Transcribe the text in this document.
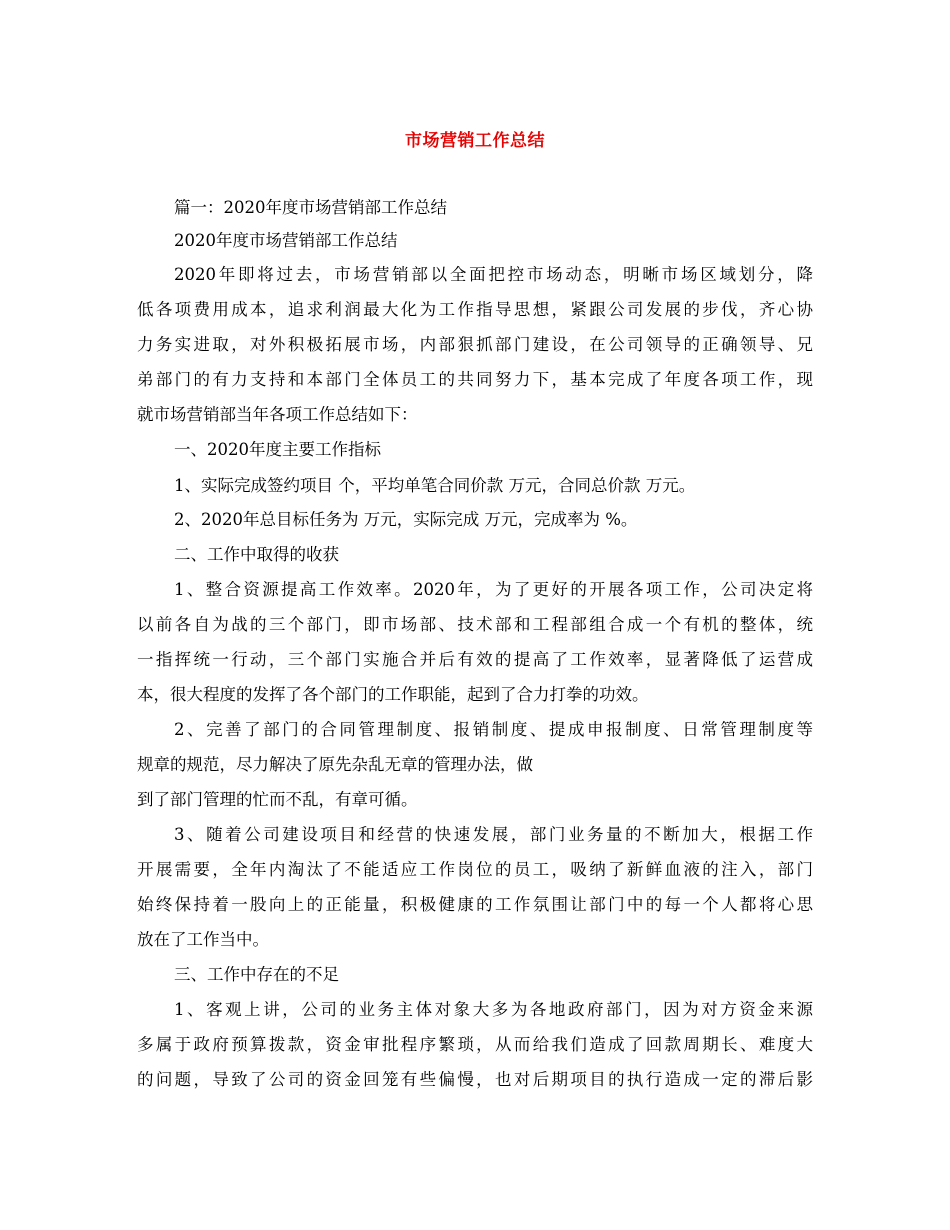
市场营销工作总结
篇一：2020年度市场营销部工作总结
2020年度市场营销部工作总结
2020年即将过去，市场营销部以全面把控市场动态，明晰市场区域划分，降
低各项费用成本，追求利润最大化为工作指导思想，紧跟公司发展的步伐，齐心协
力务实进取，对外积极拓展市场，内部狠抓部门建设，在公司领导的正确领导、兄
弟部门的有力支持和本部门全体员工的共同努力下，基本完成了年度各项工作，现
就市场营销部当年各项工作总结如下：
一、2020年度主要工作指标
1、实际完成签约项目 个，平均单笔合同价款 万元，合同总价款 万元。
2、2020年总目标任务为 万元，实际完成 万元，完成率为 %。
二、工作中取得的收获
1、整合资源提高工作效率。2020年，为了更好的开展各项工作，公司决定将
以前各自为战的三个部门，即市场部、技术部和工程部组合成一个有机的整体，统
一指挥统一行动，三个部门实施合并后有效的提高了工作效率，显著降低了运营成
本，很大程度的发挥了各个部门的工作职能，起到了合力打拳的功效。
2、完善了部门的合同管理制度、报销制度、提成申报制度、日常管理制度等
规章的规范，尽力解决了原先杂乱无章的管理办法，做
到了部门管理的忙而不乱，有章可循。
3、随着公司建设项目和经营的快速发展，部门业务量的不断加大，根据工作
开展需要，全年内淘汰了不能适应工作岗位的员工，吸纳了新鲜血液的注入，部门
始终保持着一股向上的正能量，积极健康的工作氛围让部门中的每一个人都将心思
放在了工作当中。
三、工作中存在的不足
1、客观上讲，公司的业务主体对象大多为各地政府部门，因为对方资金来源
多属于政府预算拨款，资金审批程序繁琐，从而给我们造成了回款周期长、难度大
的问题，导致了公司的资金回笼有些偏慢，也对后期项目的执行造成一定的滞后影
